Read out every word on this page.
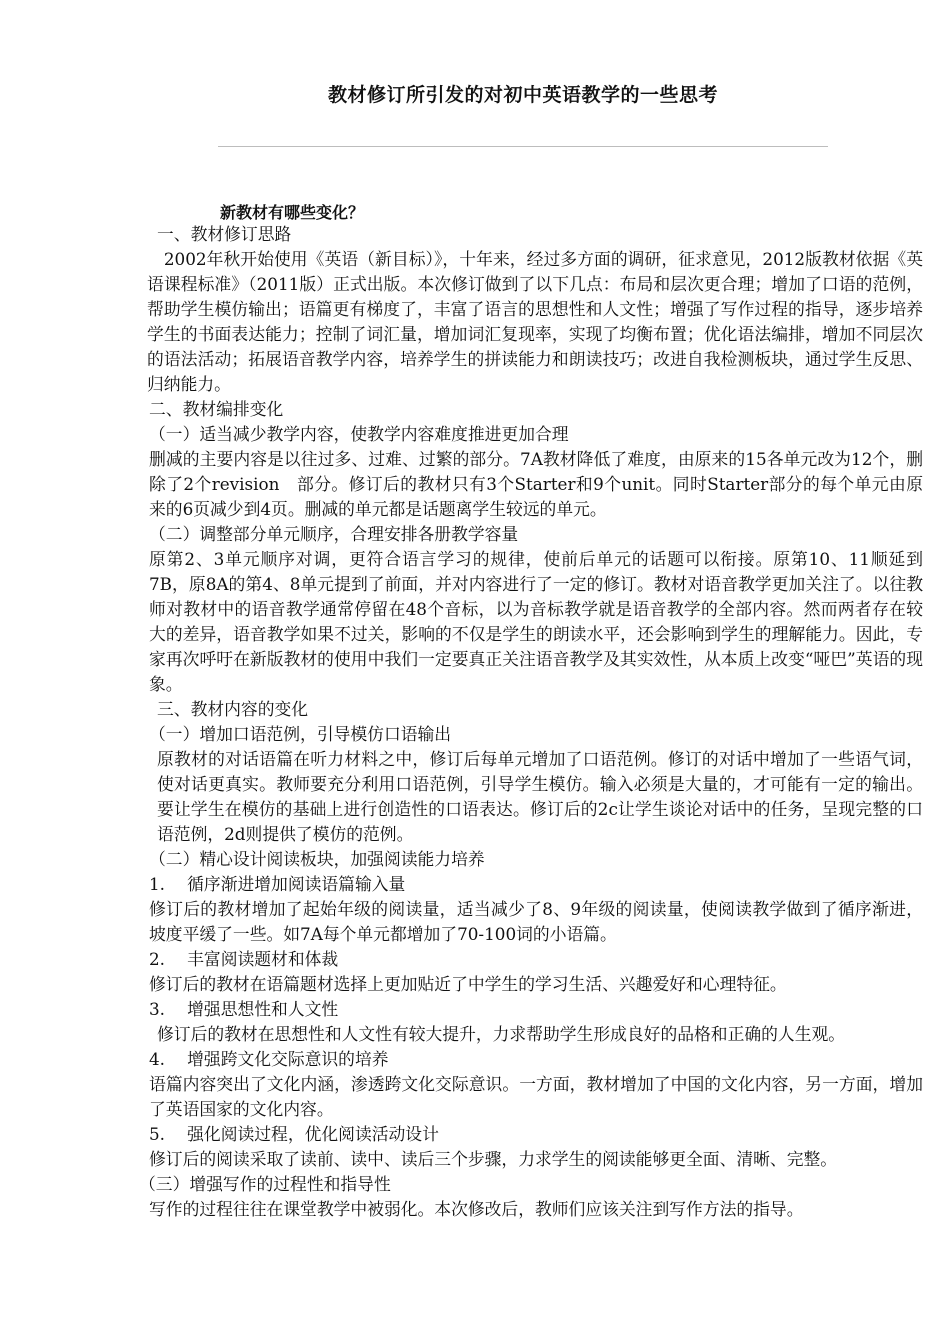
教材修订所引发的对初中英语教学的一些思考
新教材有哪些变化？

一、教材修订思路

　2002年秋开始使用《英语（新目标）》，十年来，经过多方面的调研，征求意见，2012版教材依据《英语课程标准》（2011版）正式出版。本次修订做到了以下几点：布局和层次更合理；增加了口语的范例，帮助学生模仿输出；语篇更有梯度了，丰富了语言的思想性和人文性；增强了写作过程的指导，逐步培养学生的书面表达能力；控制了词汇量，增加词汇复现率，实现了均衡布置；优化语法编排，增加不同层次的语法活动；拓展语音教学内容，培养学生的拼读能力和朗读技巧；改进自我检测板块，通过学生反思、归纳能力。

二、教材编排变化

（一）适当减少教学内容，使教学内容难度推进更加合理

删减的主要内容是以往过多、过难、过繁的部分。7A教材降低了难度，由原来的15各单元改为12个，删除了2个revision　部分。修订后的教材只有3个Starter和9个unit。同时Starter部分的每个单元由原来的6页减少到4页。删减的单元都是话题离学生较远的单元。

（二）调整部分单元顺序，合理安排各册教学容量

原第2、3单元顺序对调，更符合语言学习的规律，使前后单元的话题可以衔接。原第10、11顺延到7B，原8A的第4、8单元提到了前面，并对内容进行了一定的修订。教材对语音教学更加关注了。以往教师对教材中的语音教学通常停留在48个音标，以为音标教学就是语音教学的全部内容。然而两者存在较大的差异，语音教学如果不过关，影响的不仅是学生的朗读水平，还会影响到学生的理解能力。因此，专家再次呼吁在新版教材的使用中我们一定要真正关注语音教学及其实效性，从本质上改变“哑巴”英语的现象。

三、教材内容的变化

（一）增加口语范例，引导模仿口语输出

原教材的对话语篇在听力材料之中，修订后每单元增加了口语范例。修订的对话中增加了一些语气词，使对话更真实。教师要充分利用口语范例，引导学生模仿。输入必须是大量的，才可能有一定的输出。要让学生在模仿的基础上进行创造性的口语表达。修订后的2c让学生谈论对话中的任务，呈现完整的口语范例，2d则提供了模仿的范例。

（二）精心设计阅读板块，加强阅读能力培养

1.　 循序渐进增加阅读语篇输入量

修订后的教材增加了起始年级的阅读量，适当减少了8、9年级的阅读量，使阅读教学做到了循序渐进，坡度平缓了一些。如7A每个单元都增加了70-100词的小语篇。

2.　 丰富阅读题材和体裁

修订后的教材在语篇题材选择上更加贴近了中学生的学习生活、兴趣爱好和心理特征。

3.　 增强思想性和人文性

修订后的教材在思想性和人文性有较大提升，力求帮助学生形成良好的品格和正确的人生观。

4.　 增强跨文化交际意识的培养

语篇内容突出了文化内涵，渗透跨文化交际意识。一方面，教材增加了中国的文化内容，另一方面，增加了英语国家的文化内容。

5.　 强化阅读过程，优化阅读活动设计

修订后的阅读采取了读前、读中、读后三个步骤，力求学生的阅读能够更全面、清晰、完整。

（三）增强写作的过程性和指导性

写作的过程往往在课堂教学中被弱化。本次修改后，教师们应该关注到写作方法的指导。
